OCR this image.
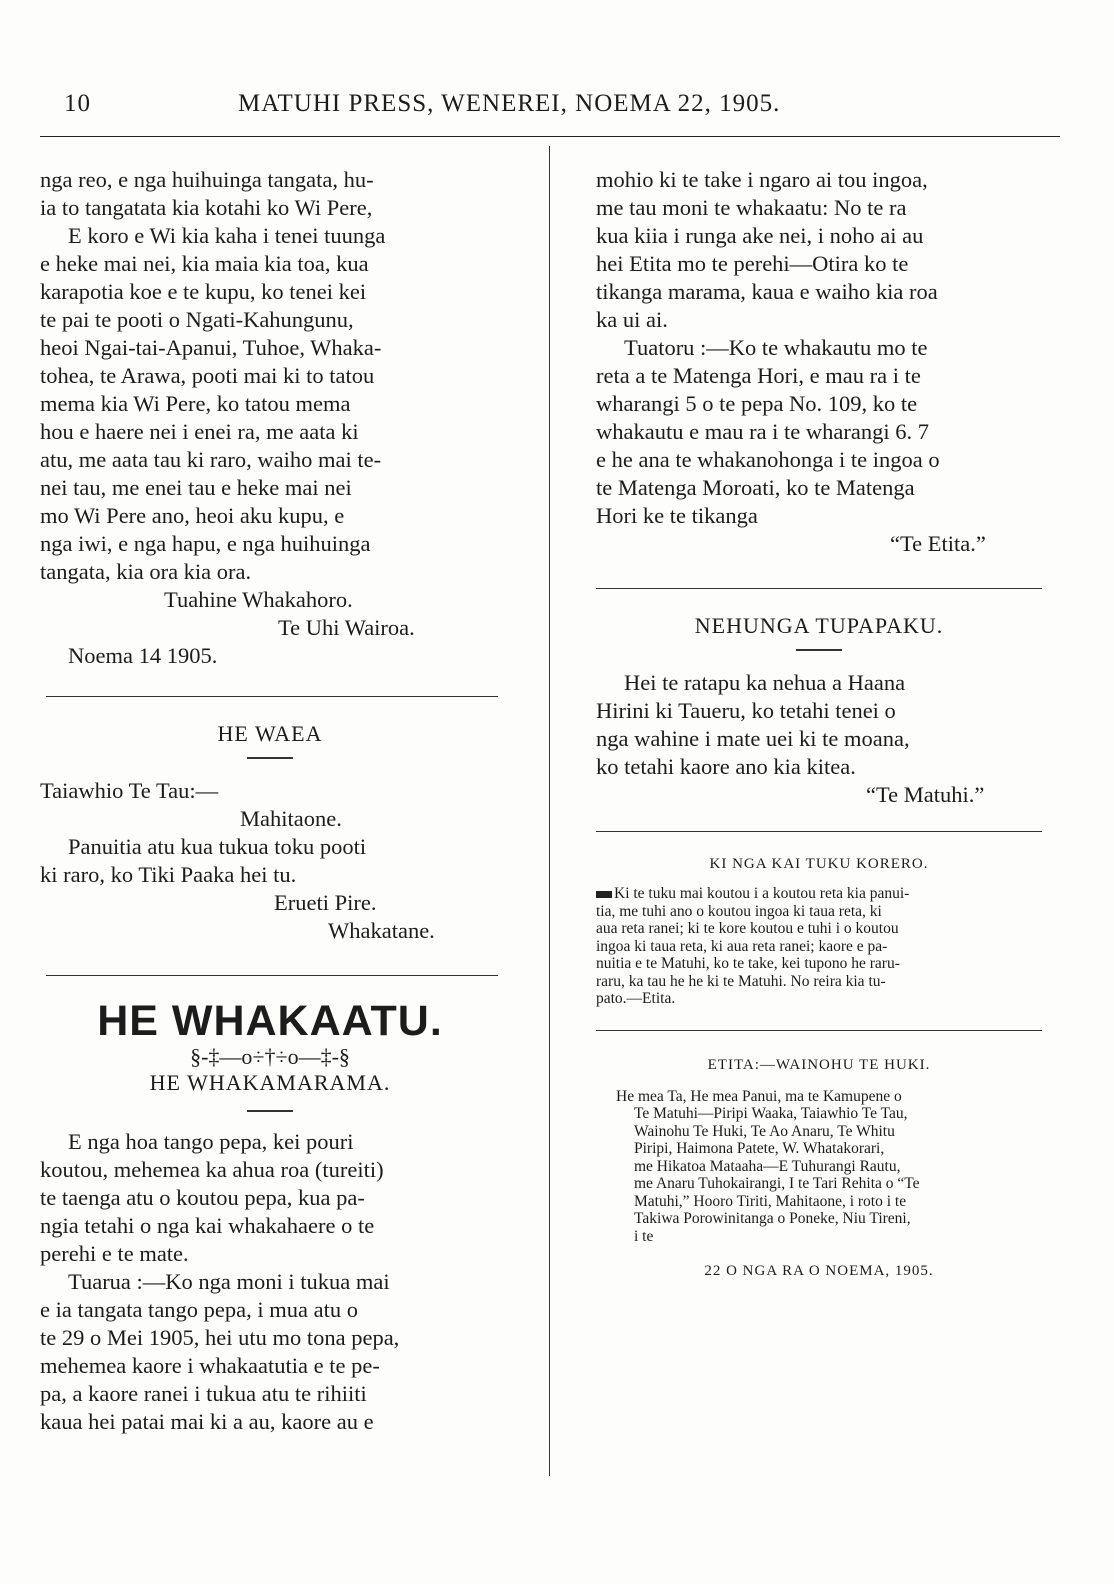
10	MATUHI PRESS, WENEREI, NOEMA 22, 1905.

nga reo, e nga huihuinga tangata, hu-

ia to tangatata kia kotahi ko Wi Pere,

E koro e Wi kia kaha i tenei tuunga

e heke mai nei, kia maia kia toa, kua

karapotia koe e te kupu, ko tenei kei

te pai te pooti o Ngati-Kahungunu,

heoi Ngai-tai-Apanui, Tuhoe, Whaka-

tohea, te Arawa, pooti mai ki to tatou

mema kia Wi Pere, ko tatou mema

hou e haere nei i enei ra, me aata ki

atu, me aata tau ki raro, waiho mai te-

nei tau, me enei tau e heke mai nei

mo Wi Pere ano, heoi aku kupu, e

nga iwi, e nga hapu, e nga huihuinga

tangata, kia ora kia ora.

Tuahine Whakahoro.

Te Uhi Wairoa.

Noema 14 1905.

HE WAEA

Taiawhio Te Tau:—

Mahitaone.

Panuitia atu kua tukua toku pooti

ki raro, ko Tiki Paaka hei tu.

Erueti Pire.

Whakatane.

HE WHAKAATU.

§-‡—o÷†÷o—‡-§

HE WHAKAMARAMA.

E nga hoa tango pepa, kei pouri

koutou, mehemea ka ahua roa (tureiti)

te taenga atu o koutou pepa, kua pa-

ngia tetahi o nga kai whakahaere o te

perehi e te mate.

Tuarua :—Ko nga moni i tukua mai

e ia tangata tango pepa, i mua atu o

te 29 o Mei 1905, hei utu mo tona pepa,

mehemea kaore i whakaatutia e te pe-

pa, a kaore ranei i tukua atu te rihiiti

kaua hei patai mai ki a au, kaore au e

mohio ki te take i ngaro ai tou ingoa,

me tau moni te whakaatu: No te ra

kua kiia i runga ake nei, i noho ai au

hei Etita mo te perehi—Otira ko te

tikanga marama, kaua e waiho kia roa

ka ui ai.

Tuatoru :—Ko te whakautu mo te

reta a te Matenga Hori, e mau ra i te

wharangi 5 o te pepa No. 109, ko te

whakautu e mau ra i te wharangi 6. 7

e he ana te whakanohonga i te ingoa o

te Matenga Moroati, ko te Matenga

Hori ke te tikanga

“Te Etita.”

NEHUNGA TUPAPAKU.

Hei te ratapu ka nehua a Haana

Hirini ki Taueru, ko tetahi tenei o

nga wahine i mate uei ki te moana,

ko tetahi kaore ano kia kitea.

“Te Matuhi.”

KI NGA KAI TUKU KORERO.

Ki te tuku mai koutou i a koutou reta kia panui-

tia, me tuhi ano o koutou ingoa ki taua reta, ki

aua reta ranei; ki te kore koutou e tuhi i o koutou

ingoa ki taua reta, ki aua reta ranei; kaore e pa-

nuitia e te Matuhi, ko te take, kei tupono he raru-

raru, ka tau he he ki te Matuhi. No reira kia tu-

pato.—Etita.

ETITA:—WAINOHU TE HUKI.

He mea Ta, He mea Panui, ma te Kamupene o

Te Matuhi—Piripi Waaka, Taiawhio Te Tau,

Wainohu Te Huki, Te Ao Anaru, Te Whitu

Piripi, Haimona Patete, W. Whatakorari,

me Hikatoa Mataaha—E Tuhurangi Rautu,

me Anaru Tuhokairangi, I te Tari Rehita o “Te

Matuhi,” Hooro Tiriti, Mahitaone, i roto i te

Takiwa Porowinitanga o Poneke, Niu Tireni,

i te

22 O NGA RA O NOEMA, 1905.
